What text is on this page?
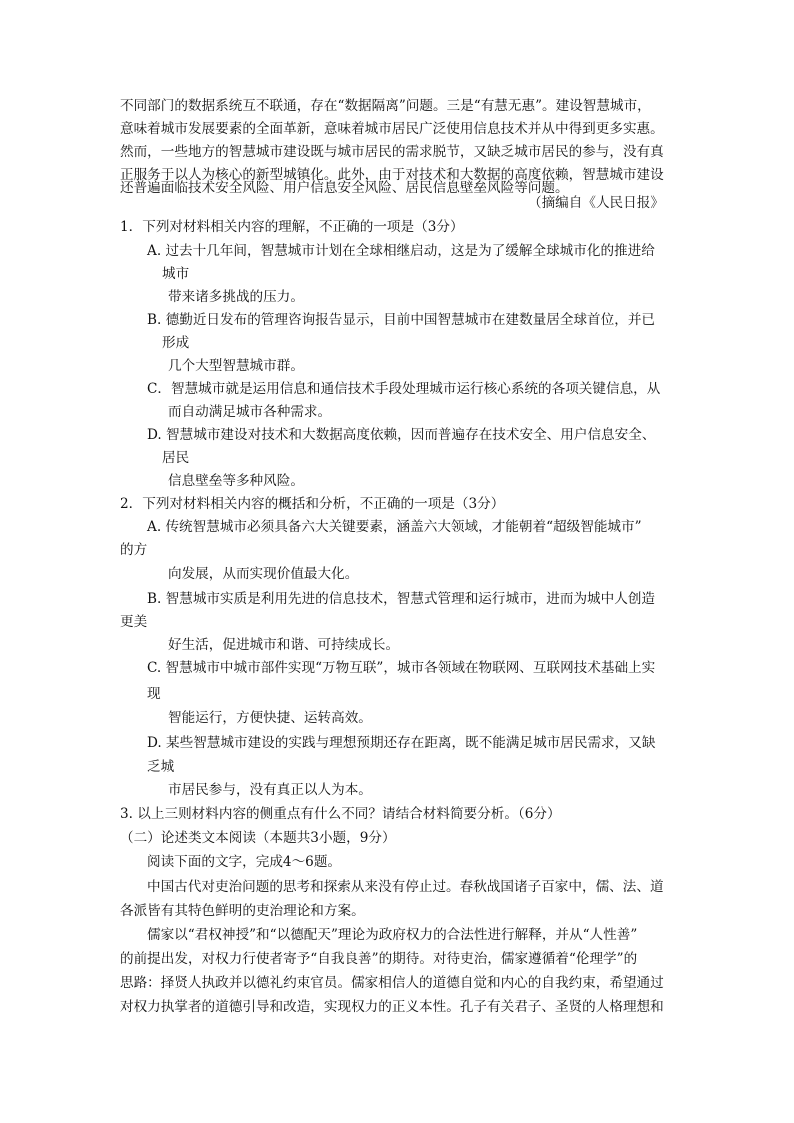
不同部门的数据系统互不联通，存在“数据隔离”问题。三是“有慧无惠”。建设智慧城市，
意味着城市发展要素的全面革新，意味着城市居民广泛使用信息技术并从中得到更多实惠。
然而，一些地方的智慧城市建设既与城市居民的需求脱节，又缺乏城市居民的参与，没有真
正服务于以人为核心的新型城镇化。此外，由于对技术和大数据的高度依赖，智慧城市建设
还普遍面临技术安全风险、用户信息安全风险、居民信息壁垒风险等问题。
（摘编自《人民日报》
1．下列对材料相关内容的理解，不正确的一项是（3分）
A. 过去十几年间，智慧城市计划在全球相继启动，这是为了缓解全球城市化的推进给
城市
带来诸多挑战的压力。
B. 德勤近日发布的管理咨询报告显示，目前中国智慧城市在建数量居全球首位，并已
形成
几个大型智慧城市群。
C．智慧城市就是运用信息和通信技术手段处理城市运行核心系统的各项关键信息，从
而自动满足城市各种需求。
D. 智慧城市建设对技术和大数据高度依赖，因而普遍存在技术安全、用户信息安全、
居民
信息壁垒等多种风险。
2．下列对材料相关内容的概括和分析，不正确的一项是（3分）
A. 传统智慧城市必须具备六大关键要素，涵盖六大领域，才能朝着“超级智能城市”
的方
向发展，从而实现价值最大化。
B. 智慧城市实质是利用先进的信息技术，智慧式管理和运行城市，进而为城中人创造
更美
好生活，促进城市和谐、可持续成长。
C. 智慧城市中城市部件实现“万物互联”，城市各领域在物联网、互联网技术基础上实
现
智能运行，方便快捷、运转高效。
D. 某些智慧城市建设的实践与理想预期还存在距离，既不能满足城市居民需求，又缺
乏城
市居民参与，没有真正以人为本。
3. 以上三则材料内容的侧重点有什么不同？请结合材料简要分析。（6分）
（二）论述类文本阅读（本题共3小题，9分）
阅读下面的文字，完成4～6题。
中国古代对吏治问题的思考和探索从来没有停止过。春秋战国诸子百家中，儒、法、道
各派皆有其特色鲜明的吏治理论和方案。
儒家以“君权神授”和“以德配天”理论为政府权力的合法性进行解释，并从“人性善”
的前提出发，对权力行使者寄予“自我良善”的期待。对待吏治，儒家遵循着“伦理学”的
思路：择贤人执政并以德礼约束官员。儒家相信人的道德自觉和内心的自我约束，希望通过
对权力执掌者的道德引导和改造，实现权力的正义本性。孔子有关君子、圣贤的人格理想和
